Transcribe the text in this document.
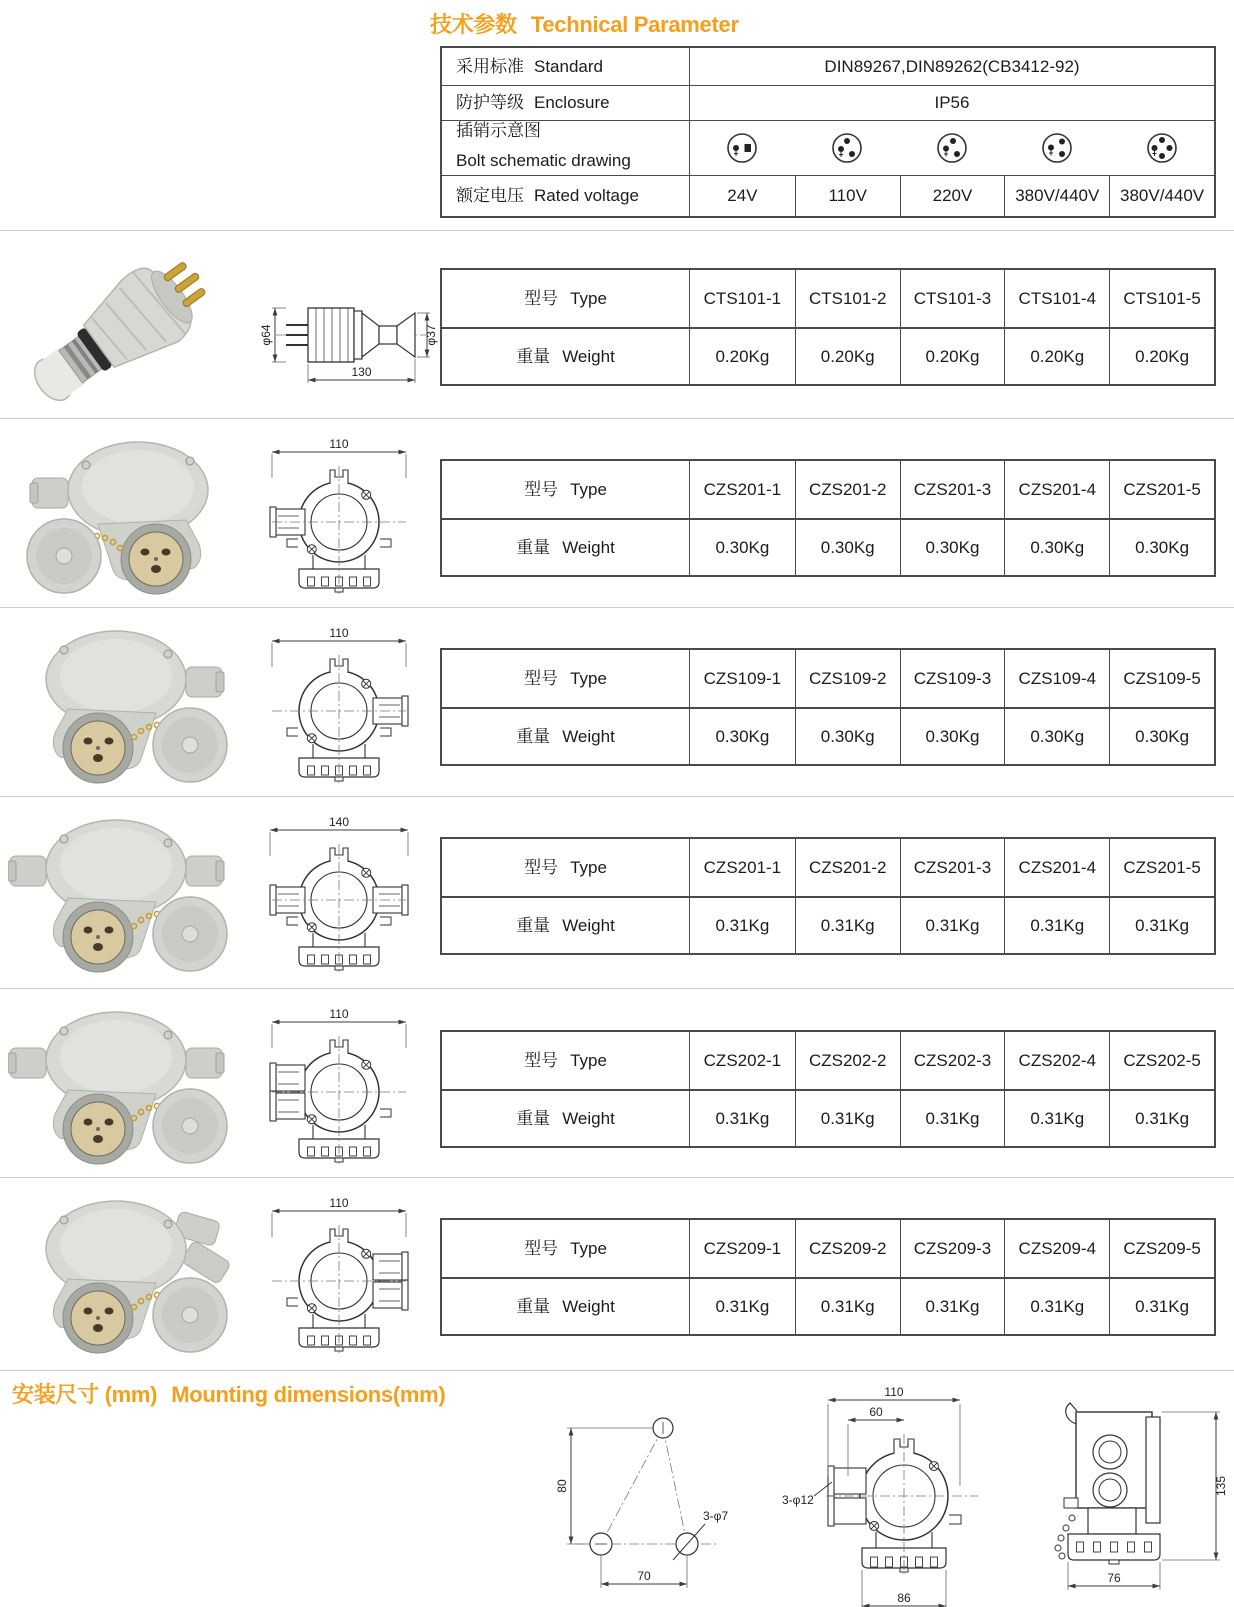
技术参数 Technical Parameter
采用标准 Standard	DIN89267,DIN89262(CB3412-92)
防护等级 Enclosure	IP56
插销示意图
Bolt schematic drawing
额定电压 Rated voltage	24V	110V	220V	380V/440V	380V/440V
φ64	φ37
130
型号 Type	CTS101-1	CTS101-2	CTS101-3	CTS101-4	CTS101-5
重量 Weight	0.20Kg	0.20Kg	0.20Kg	0.20Kg	0.20Kg
110
型号 Type	CZS201-1	CZS201-2	CZS201-3	CZS201-4	CZS201-5
重量 Weight	0.30Kg	0.30Kg	0.30Kg	0.30Kg	0.30Kg
110
型号 Type	CZS109-1	CZS109-2	CZS109-3	CZS109-4	CZS109-5
重量 Weight	0.30Kg	0.30Kg	0.30Kg	0.30Kg	0.30Kg
140
型号 Type	CZS201-1	CZS201-2	CZS201-3	CZS201-4	CZS201-5
重量 Weight	0.31Kg	0.31Kg	0.31Kg	0.31Kg	0.31Kg
110
型号 Type	CZS202-1	CZS202-2	CZS202-3	CZS202-4	CZS202-5
重量 Weight	0.31Kg	0.31Kg	0.31Kg	0.31Kg	0.31Kg
110
型号 Type	CZS209-1	CZS209-2	CZS209-3	CZS209-4	CZS209-5
重量 Weight	0.31Kg	0.31Kg	0.31Kg	0.31Kg	0.31Kg
安装尺寸 (mm) Mounting dimensions(mm)
3-φ7
80
70
110
60
3-φ12
86
135
76
